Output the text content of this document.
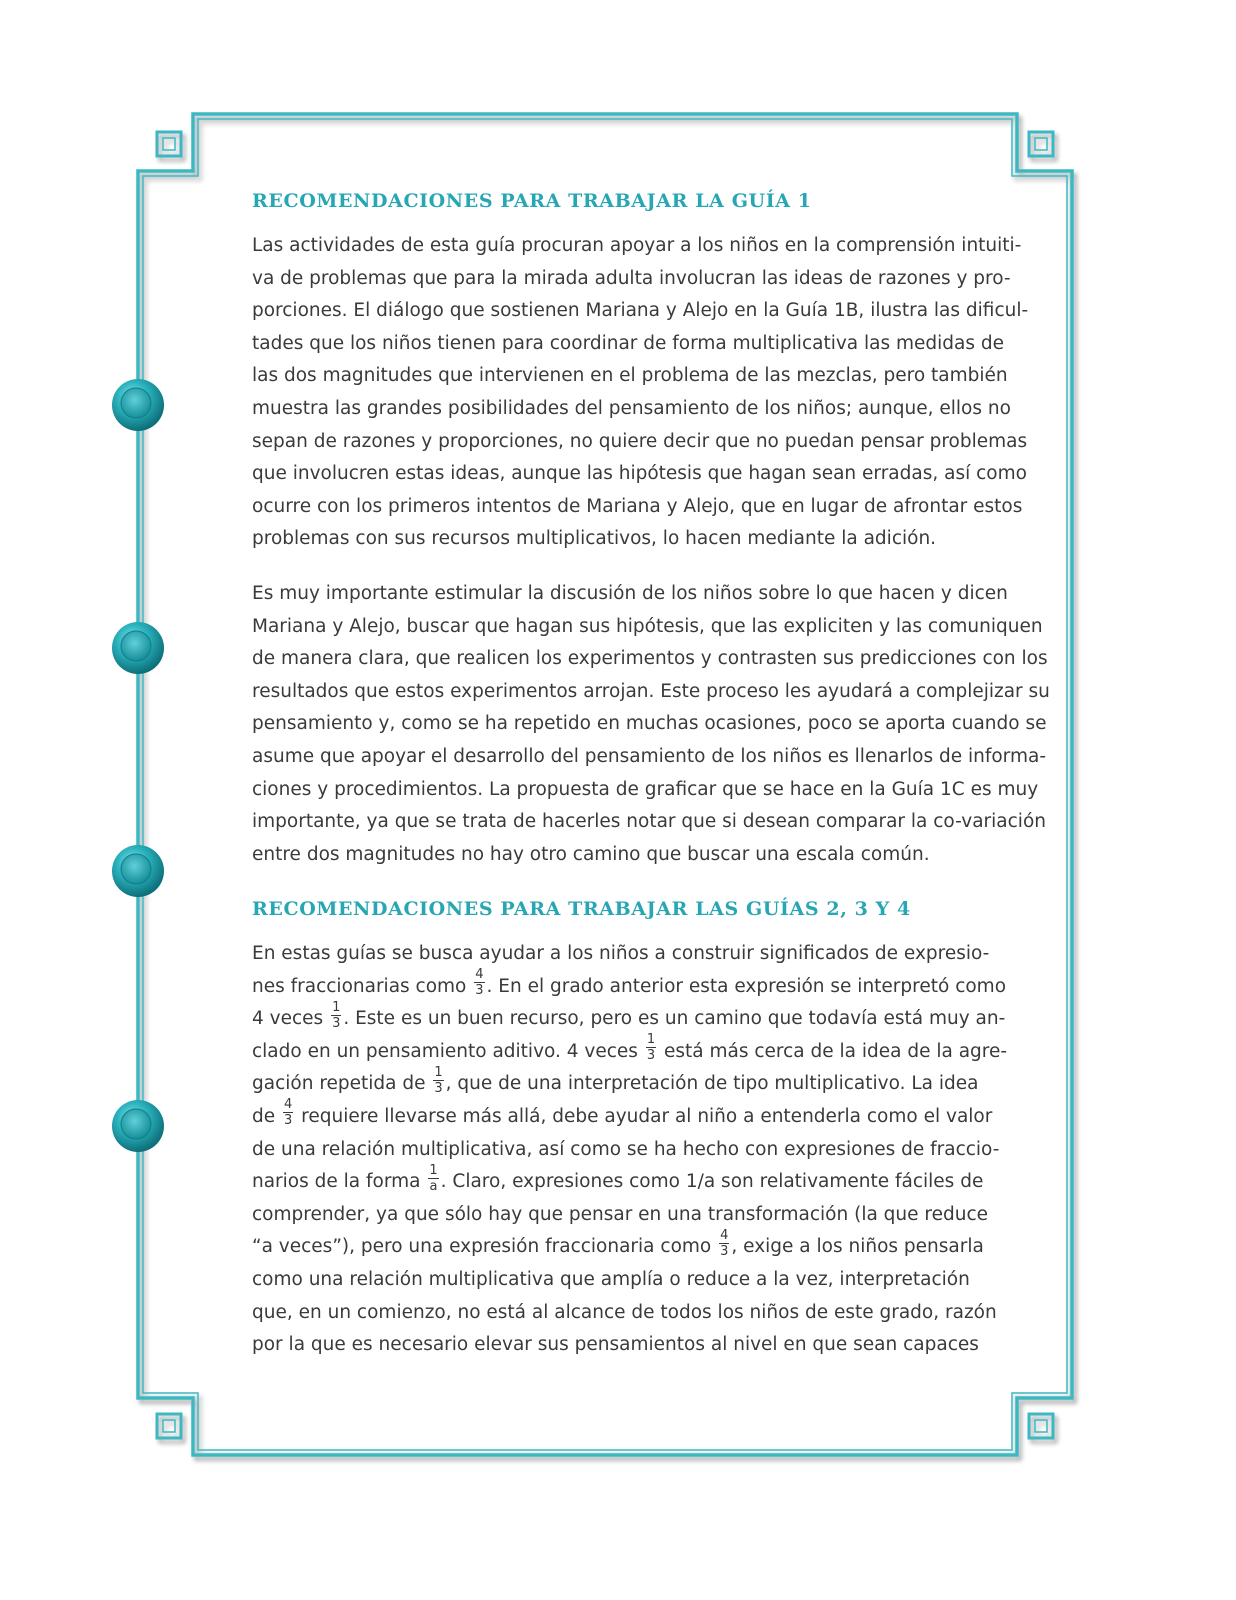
RECOMENDACIONES PARA TRABAJAR LA GUÍA 1
Las actividades de esta guía procuran apoyar a los niños en la comprensión intuiti-
va de problemas que para la mirada adulta involucran las ideas de razones y pro-
porciones. El diálogo que sostienen Mariana y Alejo en la Guía 1B, ilustra las dificul-
tades que los niños tienen para coordinar de forma multiplicativa las medidas de
las dos magnitudes que intervienen en el problema de las mezclas, pero también
muestra las grandes posibilidades del pensamiento de los niños; aunque, ellos no
sepan de razones y proporciones, no quiere decir que no puedan pensar problemas
que involucren estas ideas, aunque las hipótesis que hagan sean erradas, así como
ocurre con los primeros intentos de Mariana y Alejo, que en lugar de afrontar estos
problemas con sus recursos multiplicativos, lo hacen mediante la adición.
Es muy importante estimular la discusión de los niños sobre lo que hacen y dicen
Mariana y Alejo, buscar que hagan sus hipótesis, que las expliciten y las comuniquen
de manera clara, que realicen los experimentos y contrasten sus predicciones con los
resultados que estos experimentos arrojan. Este proceso les ayudará a complejizar su
pensamiento y, como se ha repetido en muchas ocasiones, poco se aporta cuando se
asume que apoyar el desarrollo del pensamiento de los niños es llenarlos de informa-
ciones y procedimientos. La propuesta de graficar que se hace en la Guía 1C es muy
importante, ya que se trata de hacerles notar que si desean comparar la co-variación
entre dos magnitudes no hay otro camino que buscar una escala común.
RECOMENDACIONES PARA TRABAJAR LAS GUÍAS 2, 3 Y 4
En estas guías se busca ayudar a los niños a construir significados de expresio-
nes fraccionarias como $\frac{4}{3}$ . En el grado anterior esta expresión se interpretó como
4 veces $\frac{1}{3}$ . Este es un buen recurso, pero es un camino que todavía está muy an-
clado en un pensamiento aditivo. 4 veces $\frac{1}{3}$ está más cerca de la idea de la agre-
gación repetida de $\frac{1}{3}$ , que de una interpretación de tipo multiplicativo. La idea
de $\frac{4}{3}$ requiere llevarse más allá, debe ayudar al niño a entenderla como el valor
de una relación multiplicativa, así como se ha hecho con expresiones de fraccio-
narios de la forma $\frac{1}{a}$ . Claro, expresiones como 1/a son relativamente fáciles de
comprender, ya que sólo hay que pensar en una transformación (la que reduce
“a veces”), pero una expresión fraccionaria como $\frac{4}{3}$ , exige a los niños pensarla
como una relación multiplicativa que amplía o reduce a la vez, interpretación
que, en un comienzo, no está al alcance de todos los niños de este grado, razón
por la que es necesario elevar sus pensamientos al nivel en que sean capaces
